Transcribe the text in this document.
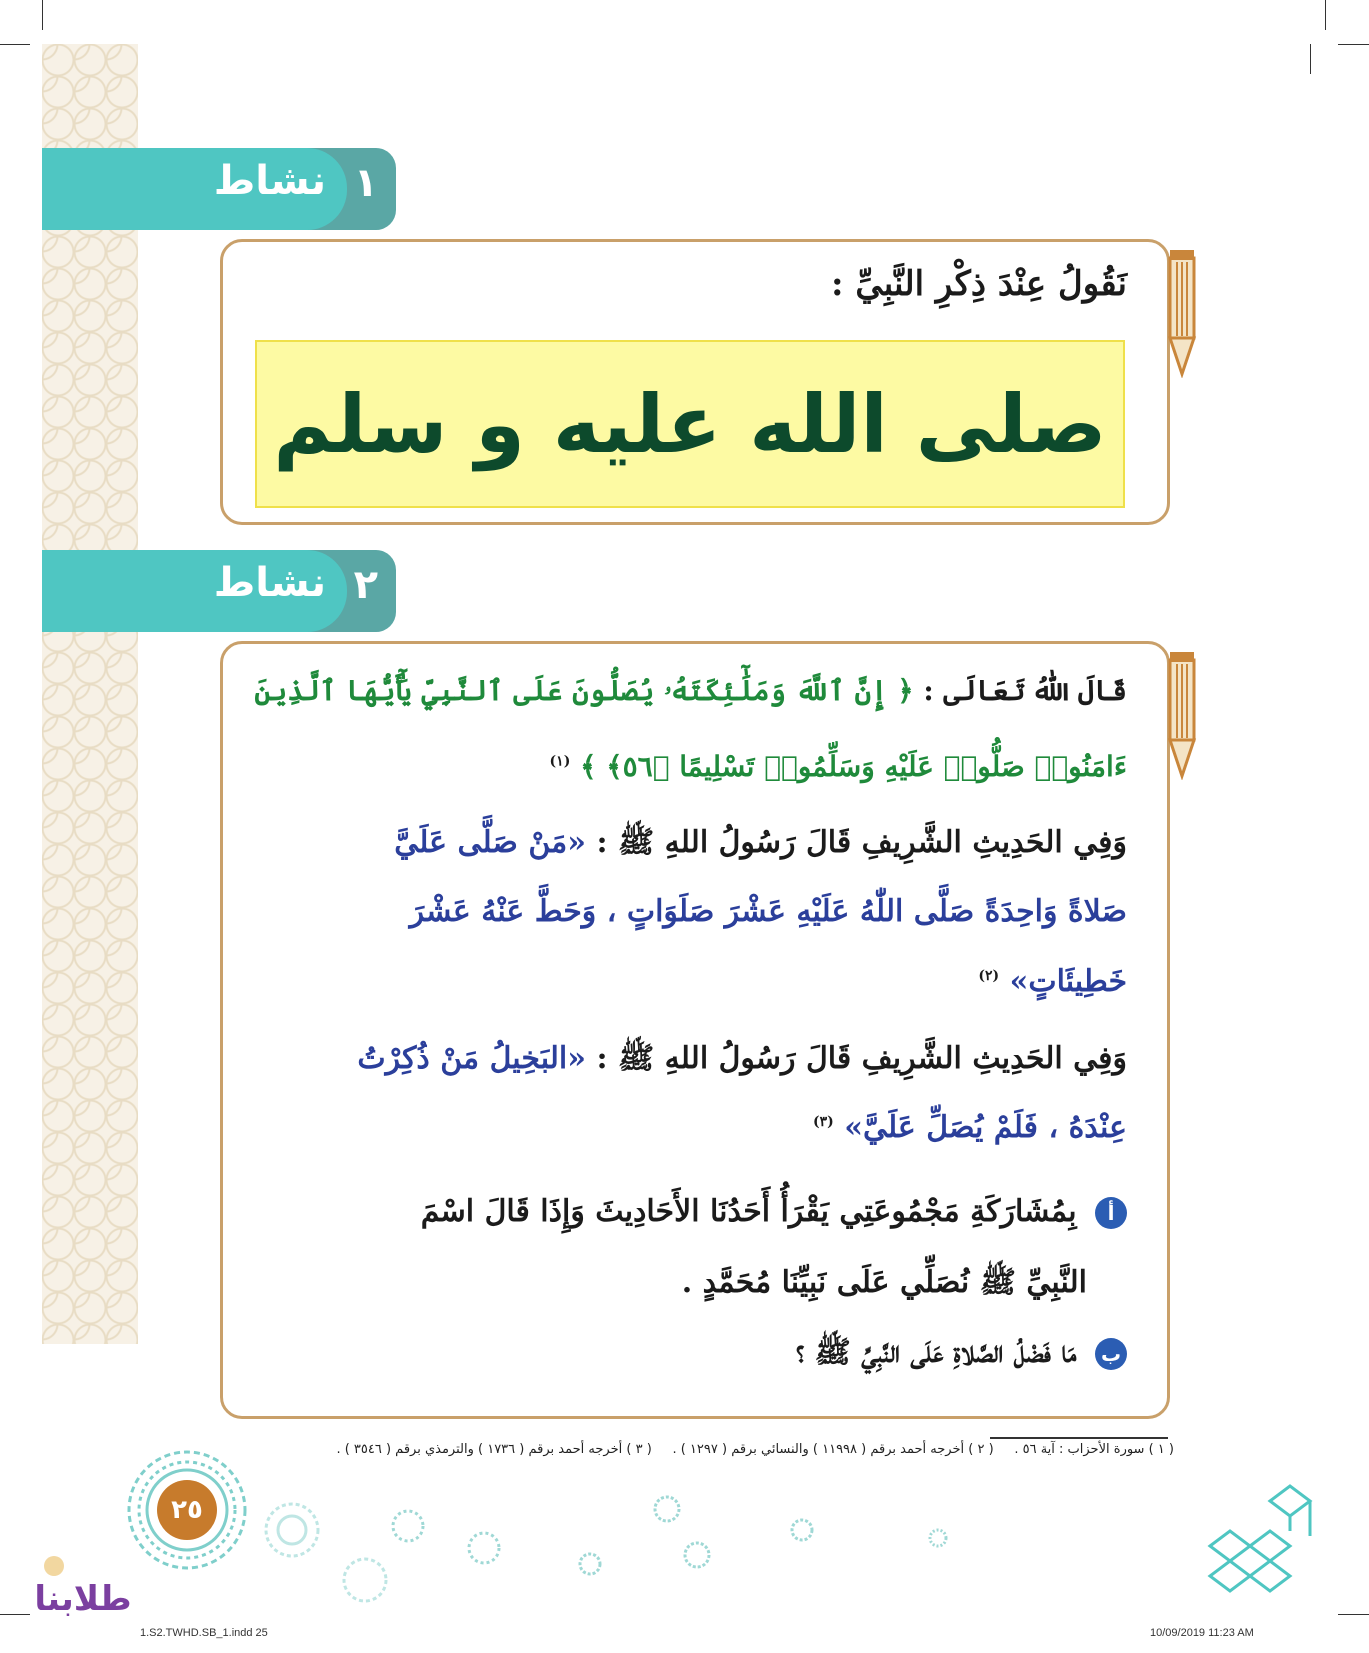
نشاط ١
نَقُولُ عِنْدَ ذِكْرِ النَّبِيِّ :
صلى الله عليه و سلم
نشاط ٢
قَالَ اللّٰهُ تَعَالَى : ﴿ إِنَّ ٱللَّهَ وَمَلَٰٓئِكَتَهُۥ يُصَلُّونَ عَلَى ٱلنَّبِيِّ يَٰٓأَيُّهَا ٱلَّذِينَ
ءَامَنُوا۟ صَلُّوا۟ عَلَيْهِ وَسَلِّمُوا۟ تَسْلِيمًا ﴿٥٦﴾ ﴾ $^{(١)}$
وَفِي الحَدِيثِ الشَّرِيفِ قَالَ رَسُولُ اللهِ ﷺ : «مَنْ صَلَّى عَلَيَّ
صَلاةً وَاحِدَةً صَلَّى اللّٰهُ عَلَيْهِ عَشْرَ صَلَوَاتٍ ، وَحَطَّ عَنْهُ عَشْرَ
خَطِيئَاتٍ» $^{(٢)}$
وَفِي الحَدِيثِ الشَّرِيفِ قَالَ رَسُولُ اللهِ ﷺ : «البَخِيلُ مَنْ ذُكِرْتُ
عِنْدَهُ ، فَلَمْ يُصَلِّ عَلَيَّ» $^{(٣)}$
أ بِمُشَارَكَةِ مَجْمُوعَتِي يَقْرَأُ أَحَدُنَا الأَحَادِيثَ وَإِذَا قَالَ اسْمَ
النَّبِيِّ ﷺ نُصَلِّي عَلَى نَبِيِّنَا مُحَمَّدٍ .
ب مَا فَضْلُ الصَّلاةِ عَلَى النَّبِيِّ ﷺ ؟
( ١ ) سورة الأحزاب : آية ٥٦ .     ( ٢ ) أخرجه أحمد برقم ( ١١٩٩٨ ) والنسائي برقم ( ١٢٩٧ ) .     ( ٣ ) أخرجه أحمد برقم ( ١٧٣٦ ) والترمذي برقم ( ٣٥٤٦ ) .
٢٥
طلابنا
1.S2.TWHD.SB_1.indd 25	10/09/2019 11:23 AM
